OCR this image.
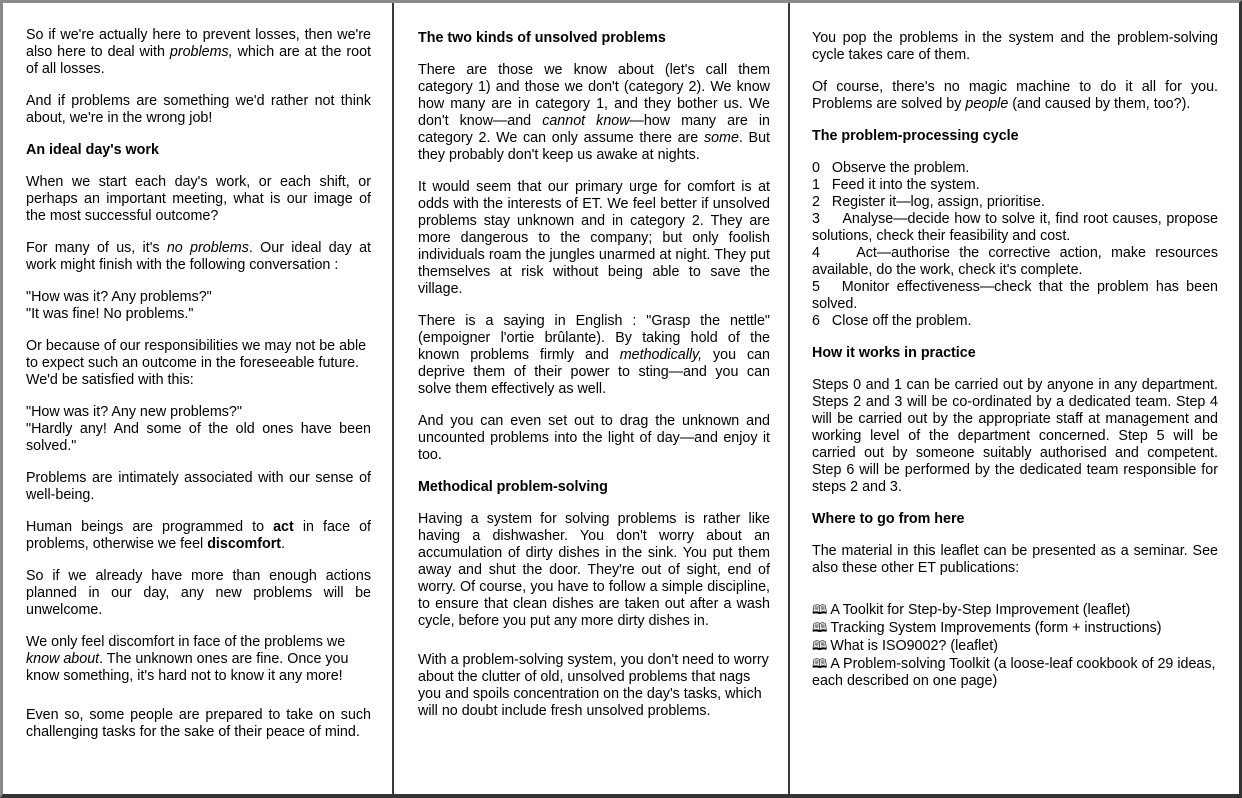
So if we're actually here to prevent losses, then we're also here to deal with problems, which are at the root of all losses.

And if problems are something we'd rather not think about, we're in the wrong job!

An ideal day's work

When we start each day's work, or each shift, or perhaps an important meeting, what is our image of the most successful outcome?

For many of us, it's no problems. Our ideal day at work might finish with the following conversation :

"How was it? Any problems?"
"It was fine! No problems."

Or because of our responsibilities we may not be able to expect such an outcome in the foreseeable future. We'd be satisfied with this:

"How was it? Any new problems?"
"Hardly any! And some of the old ones have been solved."

Problems are intimately associated with our sense of well-being.

Human beings are programmed to act in face of problems, otherwise we feel discomfort.

So if we already have more than enough actions planned in our day, any new problems will be unwelcome.

We only feel discomfort in face of the problems we know about. The unknown ones are fine. Once you know something, it's hard not to know it any more!

Even so, some people are prepared to take on such challenging tasks for the sake of their peace of mind.

The two kinds of unsolved problems

There are those we know about (let's call them category 1) and those we don't (category 2). We know how many are in category 1, and they bother us. We don't know—and cannot know—how many are in category 2. We can only assume there are some. But they probably don't keep us awake at nights.

It would seem that our primary urge for comfort is at odds with the interests of ET. We feel better if unsolved problems stay unknown and in category 2. They are more dangerous to the company; but only foolish individuals roam the jungles unarmed at night. They put themselves at risk without being able to save the village.

There is a saying in English : "Grasp the nettle" (empoigner l'ortie brûlante). By taking hold of the known problems firmly and methodically, you can deprive them of their power to sting—and you can solve them effectively as well.

And you can even set out to drag the unknown and uncounted problems into the light of day—and enjoy it too.

Methodical problem-solving

Having a system for solving problems is rather like having a dishwasher. You don't worry about an accumulation of dirty dishes in the sink. You put them away and shut the door. They're out of sight, end of worry. Of course, you have to follow a simple discipline, to ensure that clean dishes are taken out after a wash cycle, before you put any more dirty dishes in.

With a problem-solving system, you don't need to worry about the clutter of old, unsolved problems that nags you and spoils concentration on the day's tasks, which will no doubt include fresh unsolved problems.

You pop the problems in the system and the problem-solving cycle takes care of them.

Of course, there's no magic machine to do it all for you. Problems are solved by people (and caused by them, too?).

The problem-processing cycle
0 Observe the problem.
1 Feed it into the system.
2 Register it—log, assign, prioritise.
3 Analyse—decide how to solve it, find root causes, propose solutions, check their feasibility and cost.
4	Act—authorise the corrective action, make resources available, do the work, check it's complete.
5 Monitor effectiveness—check that the problem has been solved.
6 Close off the problem.
How it works in practice

Steps 0 and 1 can be carried out by anyone in any department. Steps 2 and 3 will be co-ordinated by a dedicated team. Step 4 will be carried out by the appropriate staff at management and working level of the department concerned. Step 5 will be carried out by someone suitably authorised and competent. Step 6 will be performed by the dedicated team responsible for steps 2 and 3.

Where to go from here

The material in this leaflet can be presented as a seminar. See also these other ET publications:

🕮 A Toolkit for Step-by-Step Improvement (leaflet)
🕮 Tracking System Improvements (form + instructions)
🕮 What is ISO9002? (leaflet)
🕮 A Problem-solving Toolkit (a loose-leaf cookbook of 29 ideas, each described on one page)
